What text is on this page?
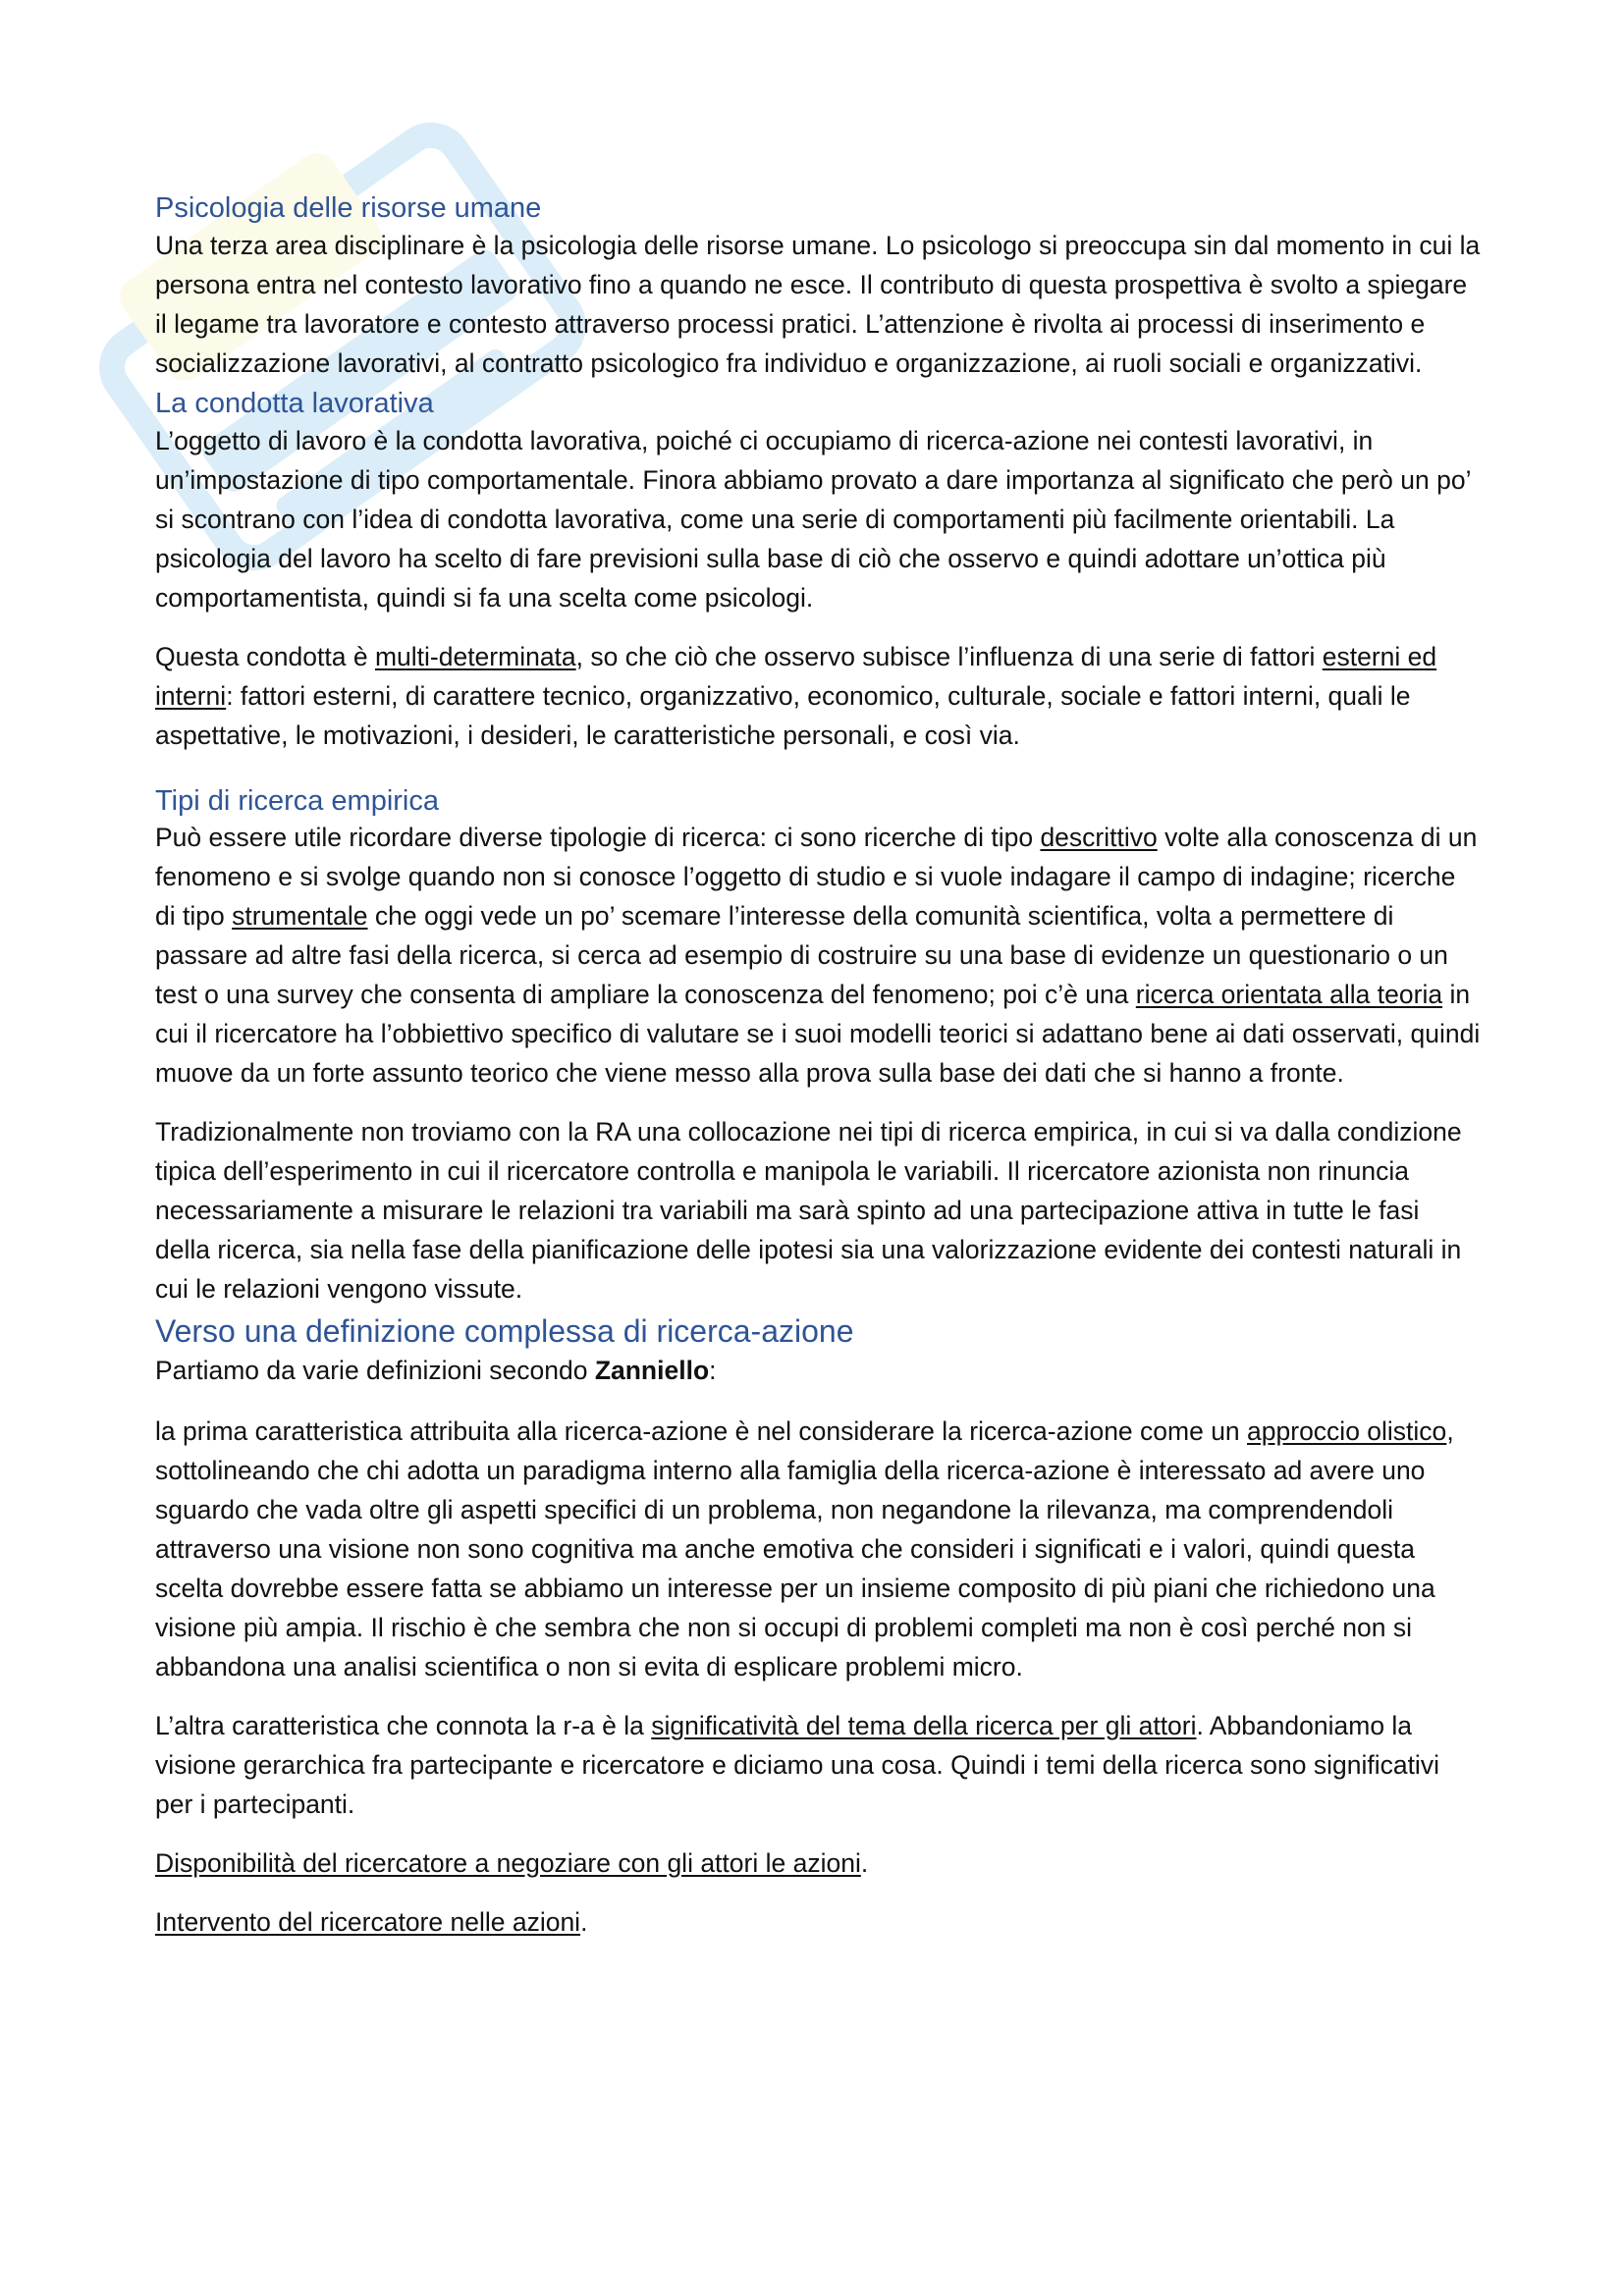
Psicologia delle risorse umane

Una terza area disciplinare è la psicologia delle risorse umane. Lo psicologo si preoccupa sin dal momento in cui la persona entra nel contesto lavorativo fino a quando ne esce. Il contributo di questa prospettiva è svolto a spiegare il legame tra lavoratore e contesto attraverso processi pratici. L’attenzione è rivolta ai processi di inserimento e socializzazione lavorativi, al contratto psicologico fra individuo e organizzazione, ai ruoli sociali e organizzativi.

La condotta lavorativa

L’oggetto di lavoro è la condotta lavorativa, poiché ci occupiamo di ricerca-azione nei contesti lavorativi, in un’impostazione di tipo comportamentale. Finora abbiamo provato a dare importanza al significato che però un po’ si scontrano con l’idea di condotta lavorativa, come una serie di comportamenti più facilmente orientabili. La psicologia del lavoro ha scelto di fare previsioni sulla base di ciò che osservo e quindi adottare un’ottica più comportamentista, quindi si fa una scelta come psicologi.

Questa condotta è multi-determinata, so che ciò che osservo subisce l’influenza di una serie di fattori esterni ed interni: fattori esterni, di carattere tecnico, organizzativo, economico, culturale, sociale e fattori interni, quali le aspettative, le motivazioni, i desideri, le caratteristiche personali, e così via.

Tipi di ricerca empirica

Può essere utile ricordare diverse tipologie di ricerca: ci sono ricerche di tipo descrittivo volte alla conoscenza di un fenomeno e si svolge quando non si conosce l’oggetto di studio e si vuole indagare il campo di indagine; ricerche di tipo strumentale che oggi vede un po’ scemare l’interesse della comunità scientifica, volta a permettere di passare ad altre fasi della ricerca, si cerca ad esempio di costruire su una base di evidenze un questionario o un test o una survey che consenta di ampliare la conoscenza del fenomeno; poi c’è una ricerca orientata alla teoria in cui il ricercatore ha l’obbiettivo specifico di valutare se i suoi modelli teorici si adattano bene ai dati osservati, quindi muove da un forte assunto teorico che viene messo alla prova sulla base dei dati che si hanno a fronte.

Tradizionalmente non troviamo con la RA una collocazione nei tipi di ricerca empirica, in cui si va dalla condizione tipica dell’esperimento in cui il ricercatore controlla e manipola le variabili. Il ricercatore azionista non rinuncia necessariamente a misurare le relazioni tra variabili ma sarà spinto ad una partecipazione attiva in tutte le fasi della ricerca, sia nella fase della pianificazione delle ipotesi sia una valorizzazione evidente dei contesti naturali in cui le relazioni vengono vissute.

Verso una definizione complessa di ricerca-azione

Partiamo da varie definizioni secondo Zanniello:

la prima caratteristica attribuita alla ricerca-azione è nel considerare la ricerca-azione come un approccio olistico, sottolineando che chi adotta un paradigma interno alla famiglia della ricerca-azione è interessato ad avere uno sguardo che vada oltre gli aspetti specifici di un problema, non negandone la rilevanza, ma comprendendoli attraverso una visione non sono cognitiva ma anche emotiva che consideri i significati e i valori, quindi questa scelta dovrebbe essere fatta se abbiamo un interesse per un insieme composito di più piani che richiedono una visione più ampia. Il rischio è che sembra che non si occupi di problemi completi ma non è così perché non si abbandona una analisi scientifica o non si evita di esplicare problemi micro.

L’altra caratteristica che connota la r-a è la significatività del tema della ricerca per gli attori. Abbandoniamo la visione gerarchica fra partecipante e ricercatore e diciamo una cosa. Quindi i temi della ricerca sono significativi per i partecipanti.

Disponibilità del ricercatore a negoziare con gli attori le azioni.

Intervento del ricercatore nelle azioni.
